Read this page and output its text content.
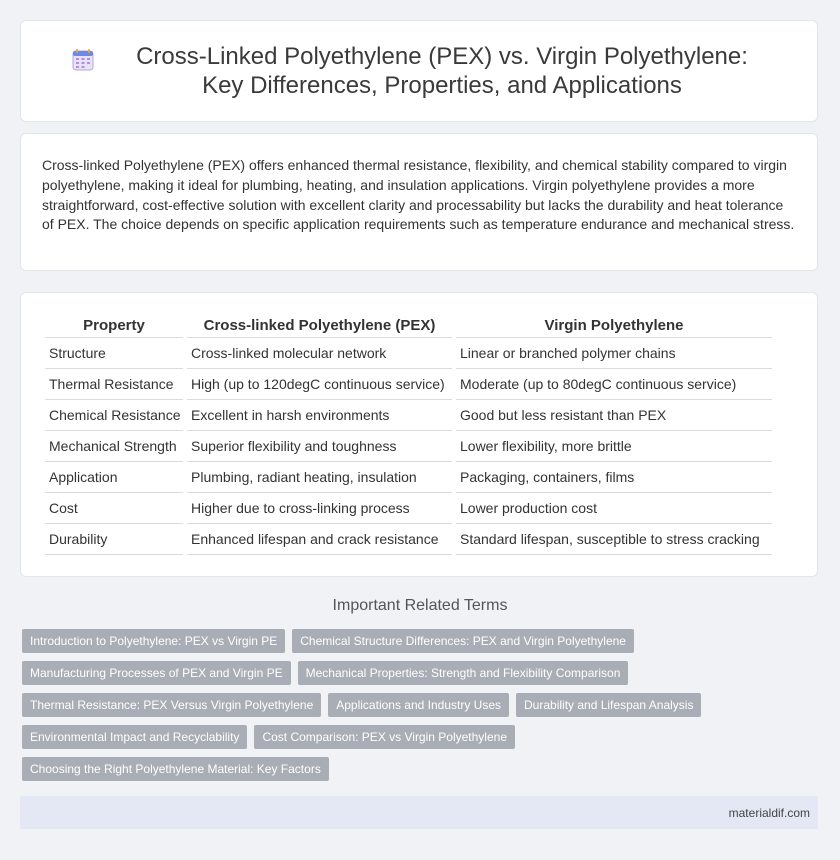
Cross-Linked Polyethylene (PEX) vs. Virgin Polyethylene: Key Differences, Properties, and Applications

Cross-linked Polyethylene (PEX) offers enhanced thermal resistance, flexibility, and chemical stability compared to virgin polyethylene, making it ideal for plumbing, heating, and insulation applications. Virgin polyethylene provides a more straightforward, cost-effective solution with excellent clarity and processability but lacks the durability and heat tolerance of PEX. The choice depends on specific application requirements such as temperature endurance and mechanical stress.

Property	Cross-linked Polyethylene (PEX)	Virgin Polyethylene
Structure	Cross-linked molecular network	Linear or branched polymer chains
Thermal Resistance	High (up to 120degC continuous service)	Moderate (up to 80degC continuous service)
Chemical Resistance	Excellent in harsh environments	Good but less resistant than PEX
Mechanical Strength	Superior flexibility and toughness	Lower flexibility, more brittle
Application	Plumbing, radiant heating, insulation	Packaging, containers, films
Cost	Higher due to cross-linking process	Lower production cost
Durability	Enhanced lifespan and crack resistance	Standard lifespan, susceptible to stress cracking
Important Related Terms
Introduction to Polyethylene: PEX vs Virgin PE	Chemical Structure Differences: PEX and Virgin Polyethylene
Manufacturing Processes of PEX and Virgin PE	Mechanical Properties: Strength and Flexibility Comparison
Thermal Resistance: PEX Versus Virgin Polyethylene	Applications and Industry Uses	Durability and Lifespan Analysis
Environmental Impact and Recyclability	Cost Comparison: PEX vs Virgin Polyethylene
Choosing the Right Polyethylene Material: Key Factors
materialdif.com
